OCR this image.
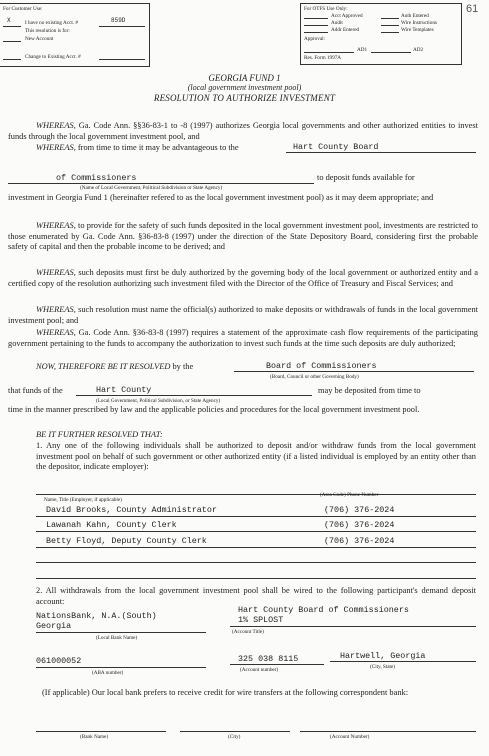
For Customer Use:
X	I have no existing Acct. #	859D
This resolution is for:
New Account
Change to Existing Acct. #
For OTFS Use Only:
Acct Approved	Auth Entered
Audit	Wire Instructions
Addr Entered	Wire Templates
Approval:
AD1	AD2
Res. Form 1997A
61
GEORGIA FUND 1
(local government investment pool)
RESOLUTION TO AUTHORIZE INVESTMENT
WHEREAS, Ga. Code Ann. §§36-83-1 to -8 (1997) authorizes Georgia local governments and other authorized entities to invest funds through the local government investment pool, and
WHEREAS, from time to time it may be advantageous to the	Hart County Board
of Commissioners	to deposit funds available for
(Name of Local Government, Political Subdivision or State Agency)
investment in Georgia Fund 1 (hereinafter refered to as the local government investment pool) as it may deem appropriate; and
WHEREAS, to provide for the safety of such funds deposited in the local government investment pool, investments are restricted to those enumerated by Ga. Code Ann. §36-83-8 (1997) under the direction of the State Depository Board, considering first the probable safety of capital and then the probable income to be derived; and
WHEREAS, such deposits must first be duly authorized by the governing body of the local government or authorized entity and a certified copy of the resolution authorizing such investment filed with the Director of the Office of Treasury and Fiscal Services; and
WHEREAS, such resolution must name the official(s) authorized to make deposits or withdrawals of funds in the local government investment pool; and
WHEREAS, Ga. Code Ann. §36-83-8 (1997) requires a statement of the approximate cash flow requirements of the participating government pertaining to the funds to accompany the authorization to invest such funds at the time such deposits are duly authorized;
NOW, THEREFORE BE IT RESOLVED by the	Board of Commissioners
(Board, Council or other Governing Body)
that funds of the	Hart County	may be deposited from time to
(Local Government, Political Subdivision, or State Agency)
time in the manner prescribed by law and the applicable policies and procedures for the local government investment pool.
BE IT FURTHER RESOLVED THAT:
1. Any one of the following individuals shall be authorized to deposit and/or withdraw funds from the local government investment pool on behalf of such government or other authorized entity (if a listed individual is employed by an entity other than the depositor, indicate employer):
Name, Title (Employer, if applicable)
(Area Code) Phone Number
David Brooks, County Administrator	(706) 376-2024
Lawanah Kahn, County Clerk	(706) 376-2024
Betty Floyd, Deputy County Clerk	(706) 376-2024
2. All withdrawals from the local government investment pool shall be wired to the following participant's demand deposit account:
NationsBank, N.A.(South)
Georgia
(Local Bank Name)
Hart County Board of Commissioners
1% SPLOST
(Account Title)
061000052
(ABA number)
325 038 8115
(Account number)
Hartwell, Georgia
(City, State)
(If applicable) Our local bank prefers to receive credit for wire transfers at the following correspondent bank:
(Bank Name)	(City)	(Account Number)
